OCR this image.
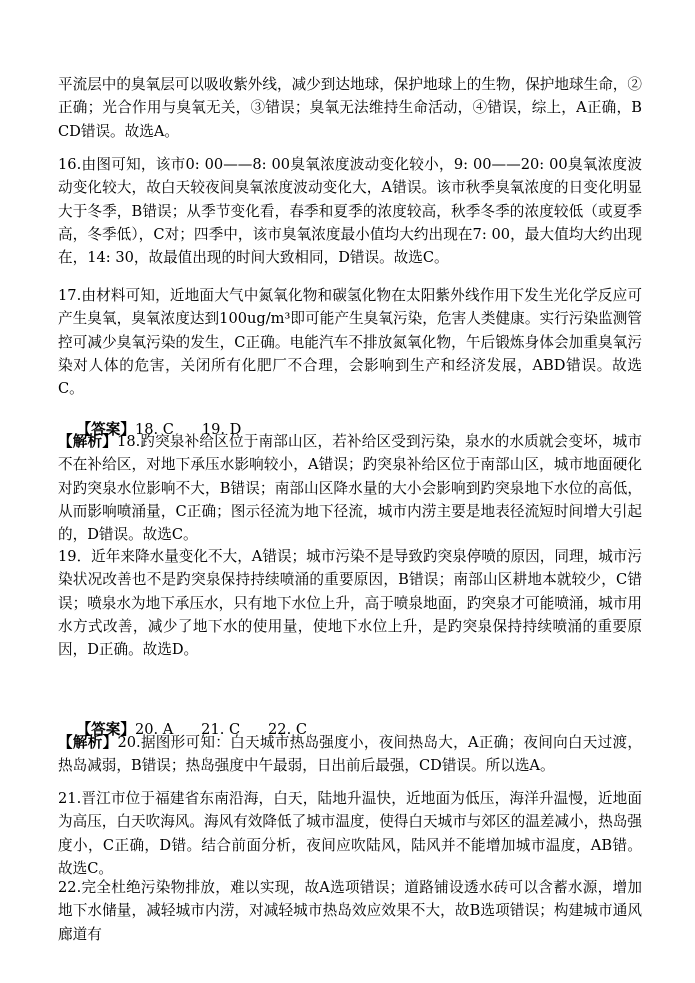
平流层中的臭氧层可以吸收紫外线，减少到达地球，保护地球上的生物，保护地球生命，②正确；光合作用与臭氧无关，③错误；臭氧无法维持生命活动，④错误，综上，A正确，BCD错误。故选A。

16.由图可知，该市0: 00——8: 00臭氧浓度波动变化较小，9: 00——20: 00臭氧浓度波动变化较大，故白天较夜间臭氧浓度波动变化大，A错误。该市秋季臭氧浓度的日变化明显大于冬季，B错误；从季节变化看，春季和夏季的浓度较高，秋季冬季的浓度较低（或夏季高，冬季低），C对；四季中，该市臭氧浓度最小值均大约出现在7: 00，最大值均大约出现在，14: 30，故最值出现的时间大致相同，D错误。故选C。

17.由材料可知，近地面大气中氮氧化物和碳氢化物在太阳紫外线作用下发生光化学反应可产生臭氧，臭氧浓度达到100ug/m³即可能产生臭氧污染，危害人类健康。实行污染监测管控可减少臭氧污染的发生，C正确。电能汽车不排放氮氧化物，午后锻炼身体会加重臭氧污染对人体的危害，关闭所有化肥厂不合理，会影响到生产和经济发展，ABD错误。故选C。

【答案】18. C      19. D

【解析】18.趵突泉补给区位于南部山区，若补给区受到污染，泉水的水质就会变坏，城市不在补给区，对地下承压水影响较小，A错误；趵突泉补给区位于南部山区，城市地面硬化对趵突泉水位影响不大，B错误；南部山区降水量的大小会影响到趵突泉地下水位的高低，从而影响喷涌量，C正确；图示径流为地下径流，城市内涝主要是地表径流短时间增大引起的，D错误。故选C。

19．近年来降水量变化不大，A错误；城市污染不是导致趵突泉停喷的原因，同理，城市污染状况改善也不是趵突泉保持持续喷涌的重要原因，B错误；南部山区耕地本就较少，C错误；喷泉水为地下承压水，只有地下水位上升，高于喷泉地面，趵突泉才可能喷涌，城市用水方式改善，减少了地下水的使用量，使地下水位上升，是趵突泉保持持续喷涌的重要原因，D正确。故选D。

【答案】20. A      21. C      22. C

【解析】20.据图形可知：白天城市热岛强度小，夜间热岛大，A正确；夜间向白天过渡，热岛减弱，B错误；热岛强度中午最弱，日出前后最强，CD错误。所以选A。

21.晋江市位于福建省东南沿海，白天，陆地升温快，近地面为低压，海洋升温慢，近地面为高压，白天吹海风。海风有效降低了城市温度，使得白天城市与郊区的温差减小，热岛强度小，C正确，D错。结合前面分析，夜间应吹陆风，陆风并不能增加城市温度，AB错。故选C。

22.完全杜绝污染物排放，难以实现，故A选项错误；道路铺设透水砖可以含蓄水源，增加地下水储量，减轻城市内涝，对减轻城市热岛效应效果不大，故B选项错误；构建城市通风廊道有
